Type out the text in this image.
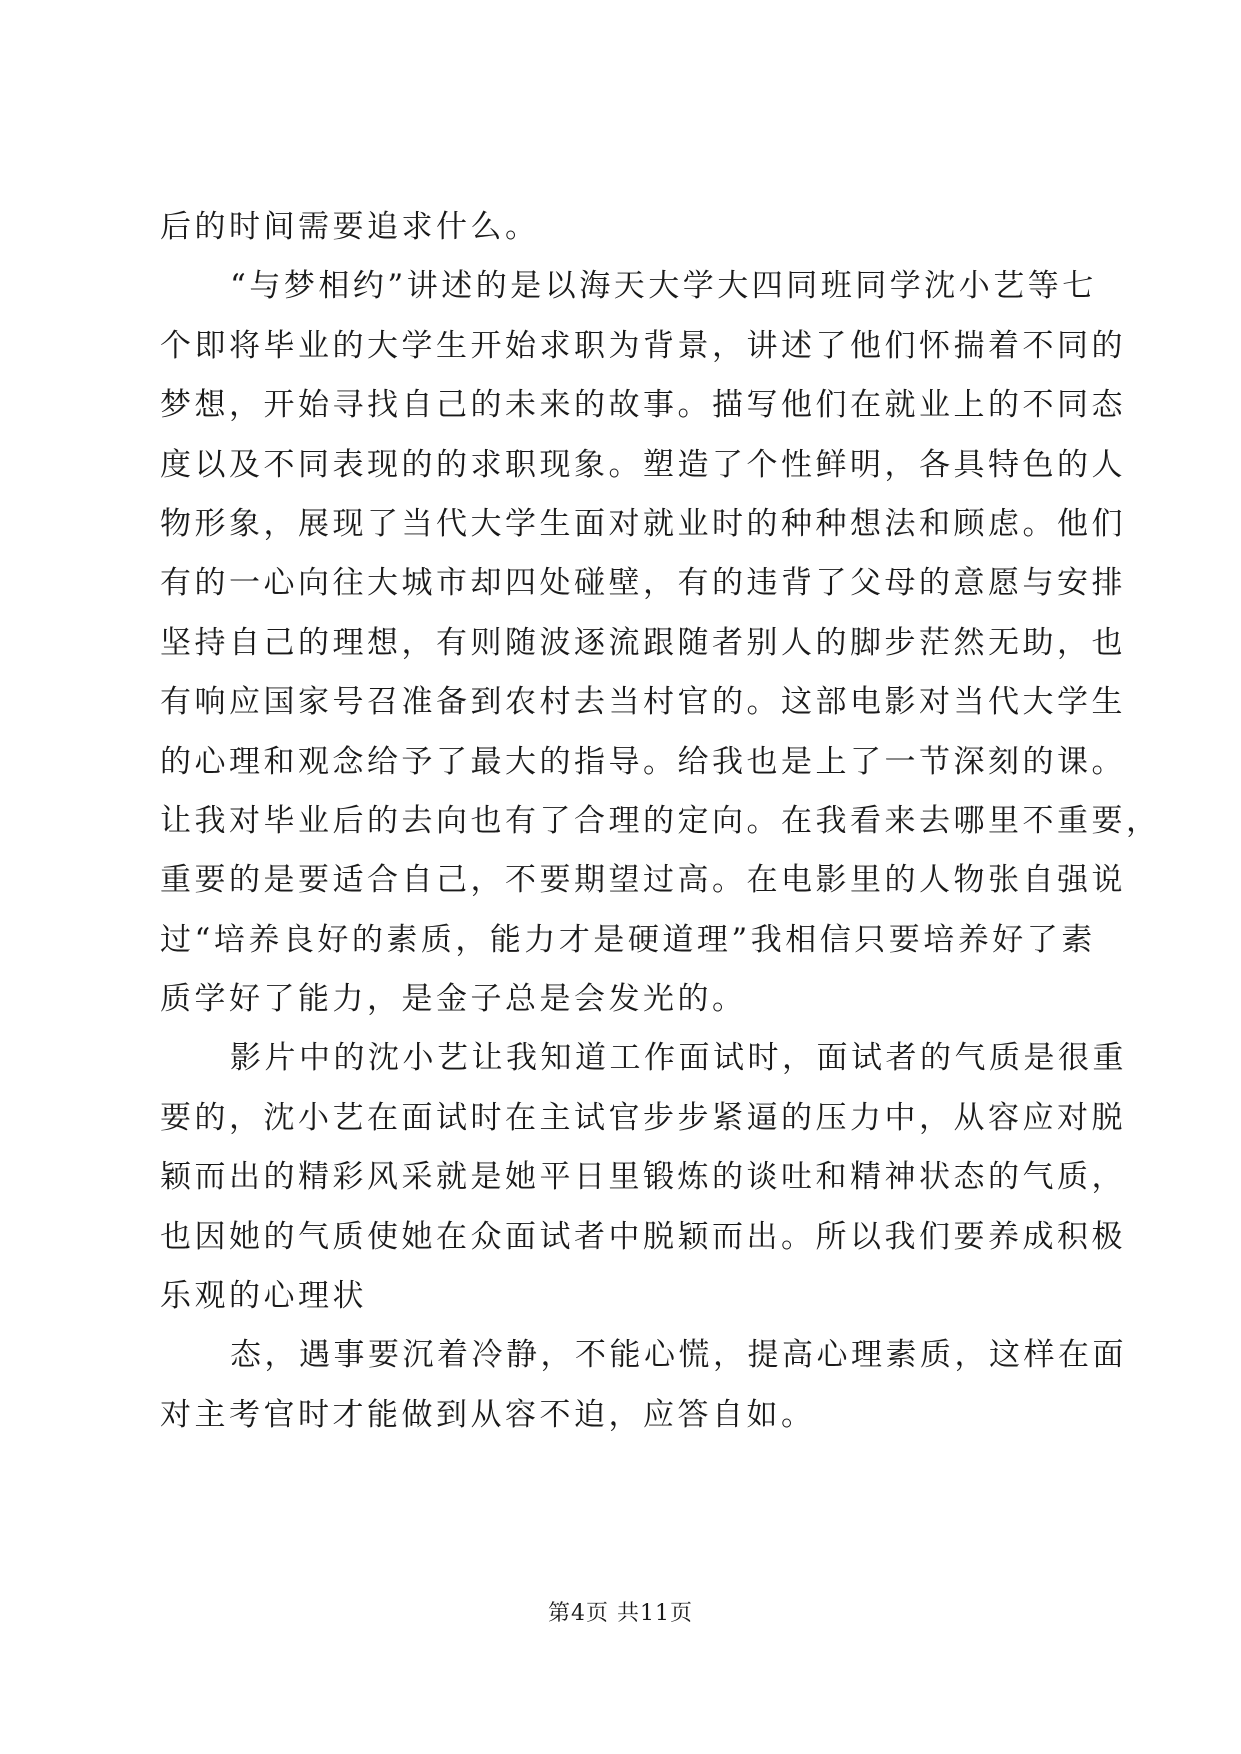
后的时间需要追求什么。
“与梦相约”讲述的是以海天大学大四同班同学沈小艺等七
个即将毕业的大学生开始求职为背景，讲述了他们怀揣着不同的
梦想，开始寻找自己的未来的故事。描写他们在就业上的不同态
度以及不同表现的的求职现象。塑造了个性鲜明，各具特色的人
物形象，展现了当代大学生面对就业时的种种想法和顾虑。他们
有的一心向往大城市却四处碰壁，有的违背了父母的意愿与安排
坚持自己的理想，有则随波逐流跟随者别人的脚步茫然无助，也
有响应国家号召准备到农村去当村官的。这部电影对当代大学生
的心理和观念给予了最大的指导。给我也是上了一节深刻的课。
让我对毕业后的去向也有了合理的定向。在我看来去哪里不重要，
重要的是要适合自己，不要期望过高。在电影里的人物张自强说
过“培养良好的素质，能力才是硬道理”我相信只要培养好了素
质学好了能力，是金子总是会发光的。
影片中的沈小艺让我知道工作面试时，面试者的气质是很重
要的，沈小艺在面试时在主试官步步紧逼的压力中，从容应对脱
颖而出的精彩风采就是她平日里锻炼的谈吐和精神状态的气质，
也因她的气质使她在众面试者中脱颖而出。所以我们要养成积极
乐观的心理状
态，遇事要沉着冷静，不能心慌，提高心理素质，这样在面
对主考官时才能做到从容不迫，应答自如。
第4页 共11页
